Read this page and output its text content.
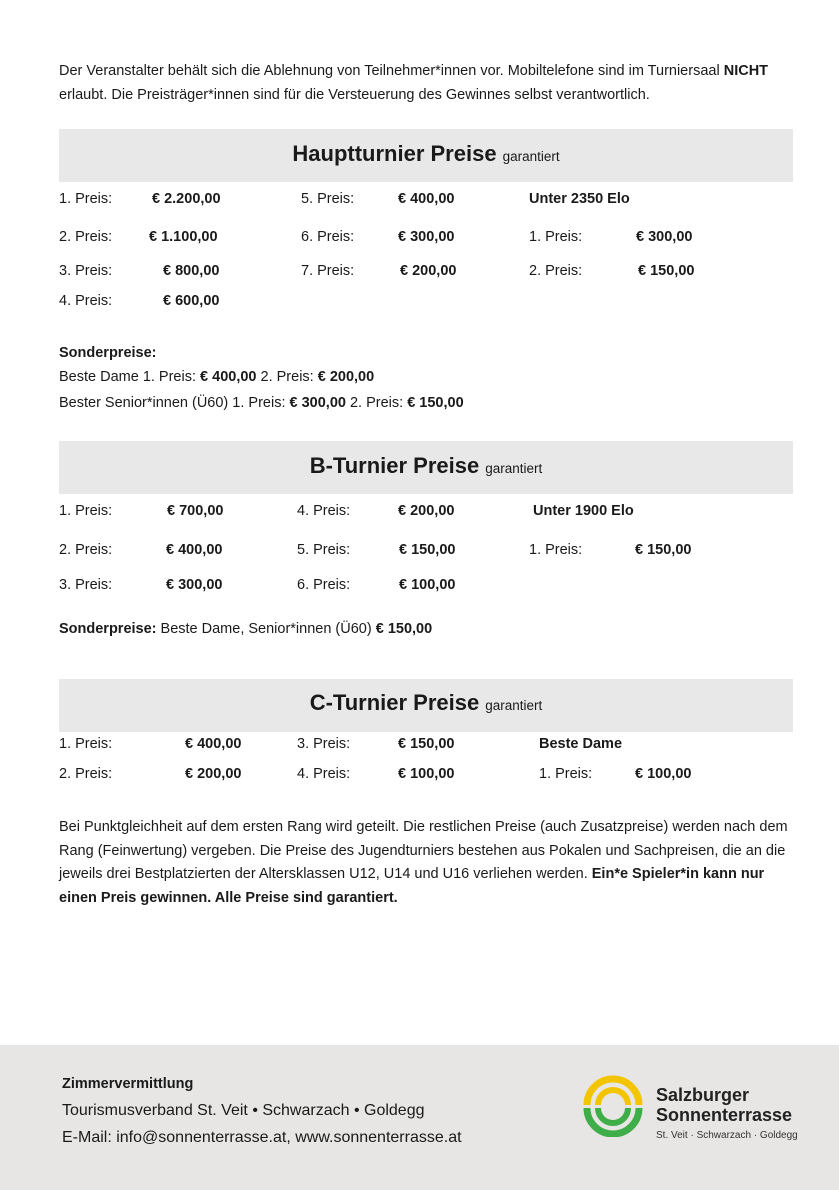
Der Veranstalter behält sich die Ablehnung von Teilnehmer*innen vor. Mobiltelefone sind im Turniersaal NICHT erlaubt. Die Preisträger*innen sind für die Versteuerung des Gewinnes selbst verantwortlich.
Hauptturnier Preise garantiert
1. Preis:	€ 2.200,00
2. Preis:	€ 1.100,00
3. Preis:	€ 800,00
4. Preis:	€ 600,00
5. Preis:	€ 400,00
6. Preis:	€ 300,00
7. Preis:	€ 200,00
Unter 2350 Elo
1. Preis:	€ 300,00
2. Preis:	€ 150,00
Sonderpreise:
Beste Dame 1. Preis: € 400,00 2. Preis: € 200,00
Bester Senior*innen (Ü60) 1. Preis: € 300,00 2. Preis: € 150,00
B-Turnier Preise garantiert
1. Preis:	€ 700,00
2. Preis:	€ 400,00
3. Preis:	€ 300,00
4. Preis:	€ 200,00
5. Preis:	€ 150,00
6. Preis:	€ 100,00
Unter 1900 Elo
1. Preis:	€ 150,00
Sonderpreise: Beste Dame, Senior*innen (Ü60) € 150,00
C-Turnier Preise garantiert
1. Preis:	€ 400,00
2. Preis:	€ 200,00
3. Preis:	€ 150,00
4. Preis:	€ 100,00
Beste Dame
1. Preis:	€ 100,00
Bei Punktgleichheit auf dem ersten Rang wird geteilt. Die restlichen Preise (auch Zusatzpreise) werden nach dem Rang (Feinwertung) vergeben. Die Preise des Jugendturniers bestehen aus Pokalen und Sachpreisen, die an die jeweils drei Bestplatzierten der Altersklassen U12, U14 und U16 verliehen werden. Ein*e Spieler*in kann nur einen Preis gewinnen. Alle Preise sind garantiert.
Zimmervermittlung
Tourismusverband St. Veit • Schwarzach • Goldegg
E-Mail: info@sonnenterrasse.at, www.sonnenterrasse.at
Salzburger
Sonnenterrasse
St. Veit · Schwarzach · Goldegg
